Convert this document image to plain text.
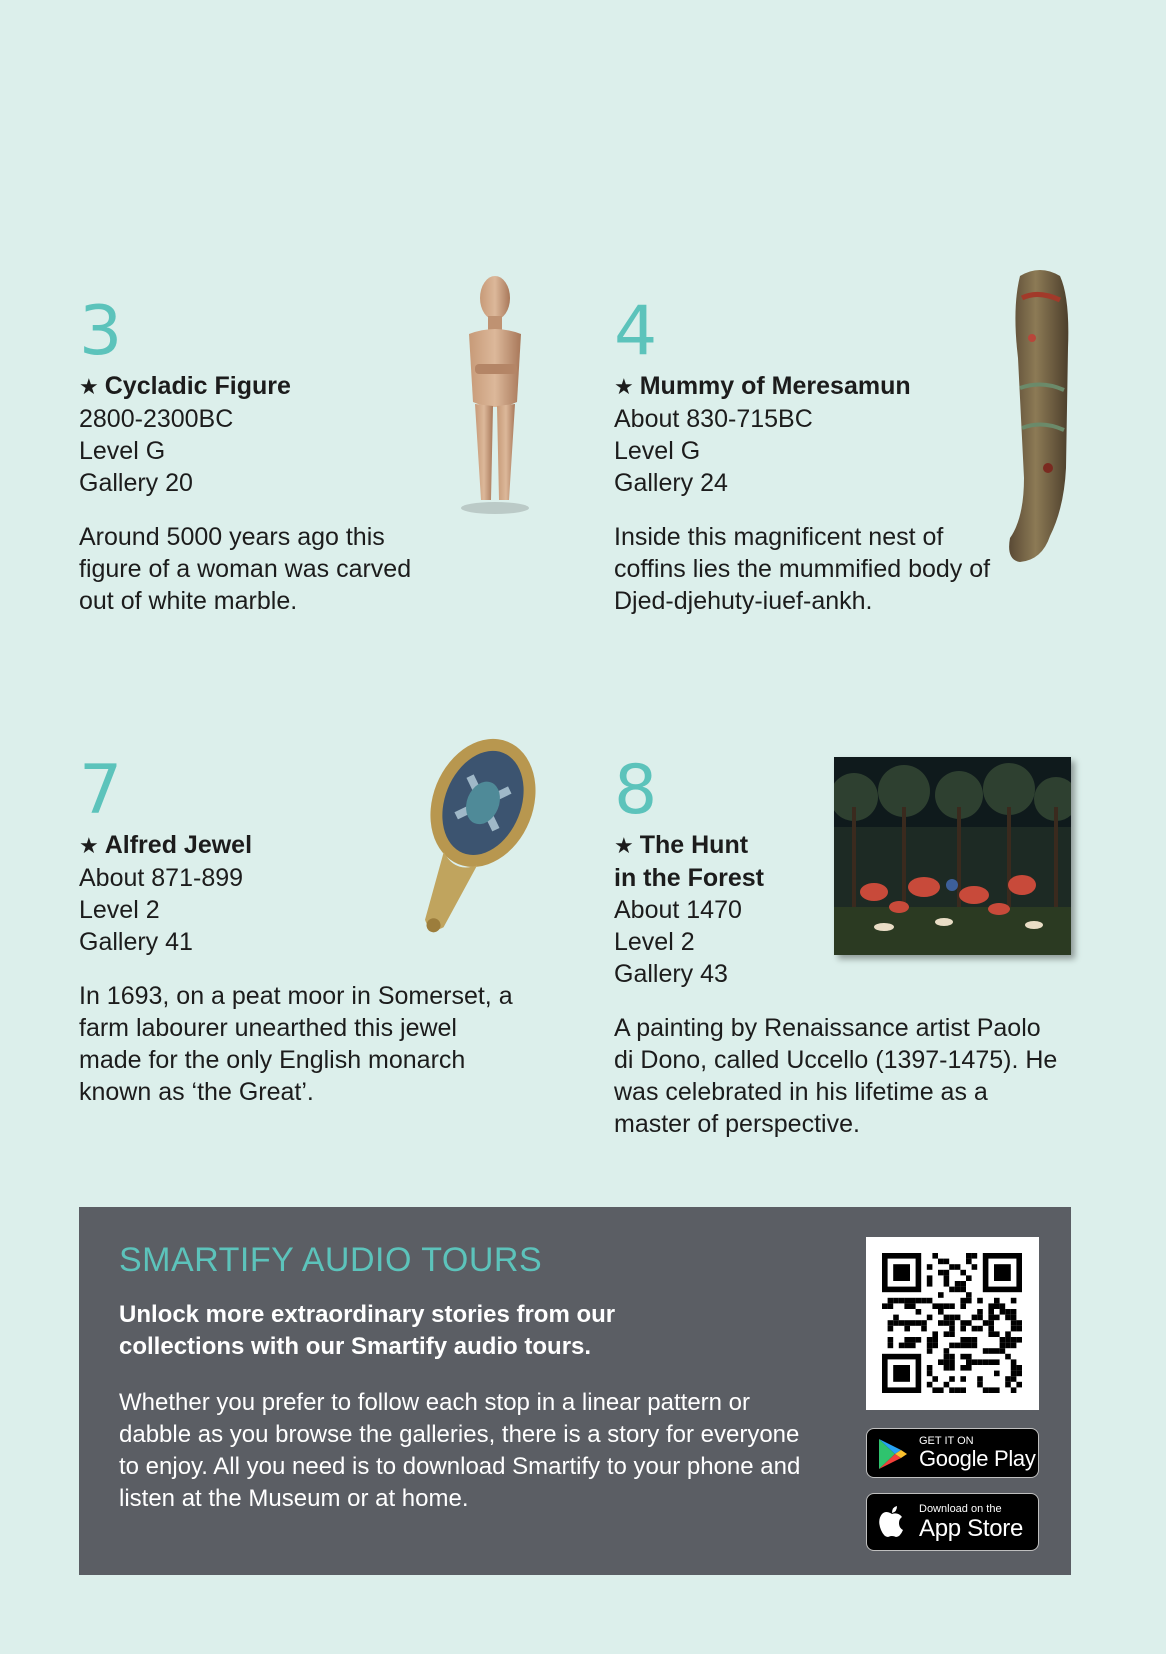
3
★ Cycladic Figure
2800-2300BC
Level G
Gallery 20
Around 5000 years ago this figure of a woman was carved out of white marble.
4
★ Mummy of Meresamun
About 830-715BC
Level G
Gallery 24
Inside this magnificent nest of coffins lies the mummified body of Djed-djehuty-iuef-ankh.
7
★ Alfred Jewel
About 871-899
Level 2
Gallery 41
In 1693, on a peat moor in Somerset, a farm labourer unearthed this jewel made for the only English monarch known as ‘the Great’.
8
★ The Hunt
in the Forest
About 1470
Level 2
Gallery 43
A painting by Renaissance artist Paolo di Dono, called Uccello (1397-1475). He was celebrated in his lifetime as a master of perspective.
SMARTIFY AUDIO TOURS
Unlock more extraordinary stories from our collections with our Smartify audio tours.
Whether you prefer to follow each stop in a linear pattern or dabble as you browse the galleries, there is a story for everyone to enjoy. All you need is to download Smartify to your phone and listen at the Museum or at home.
GET IT ON
Google Play
Download on the
App Store
